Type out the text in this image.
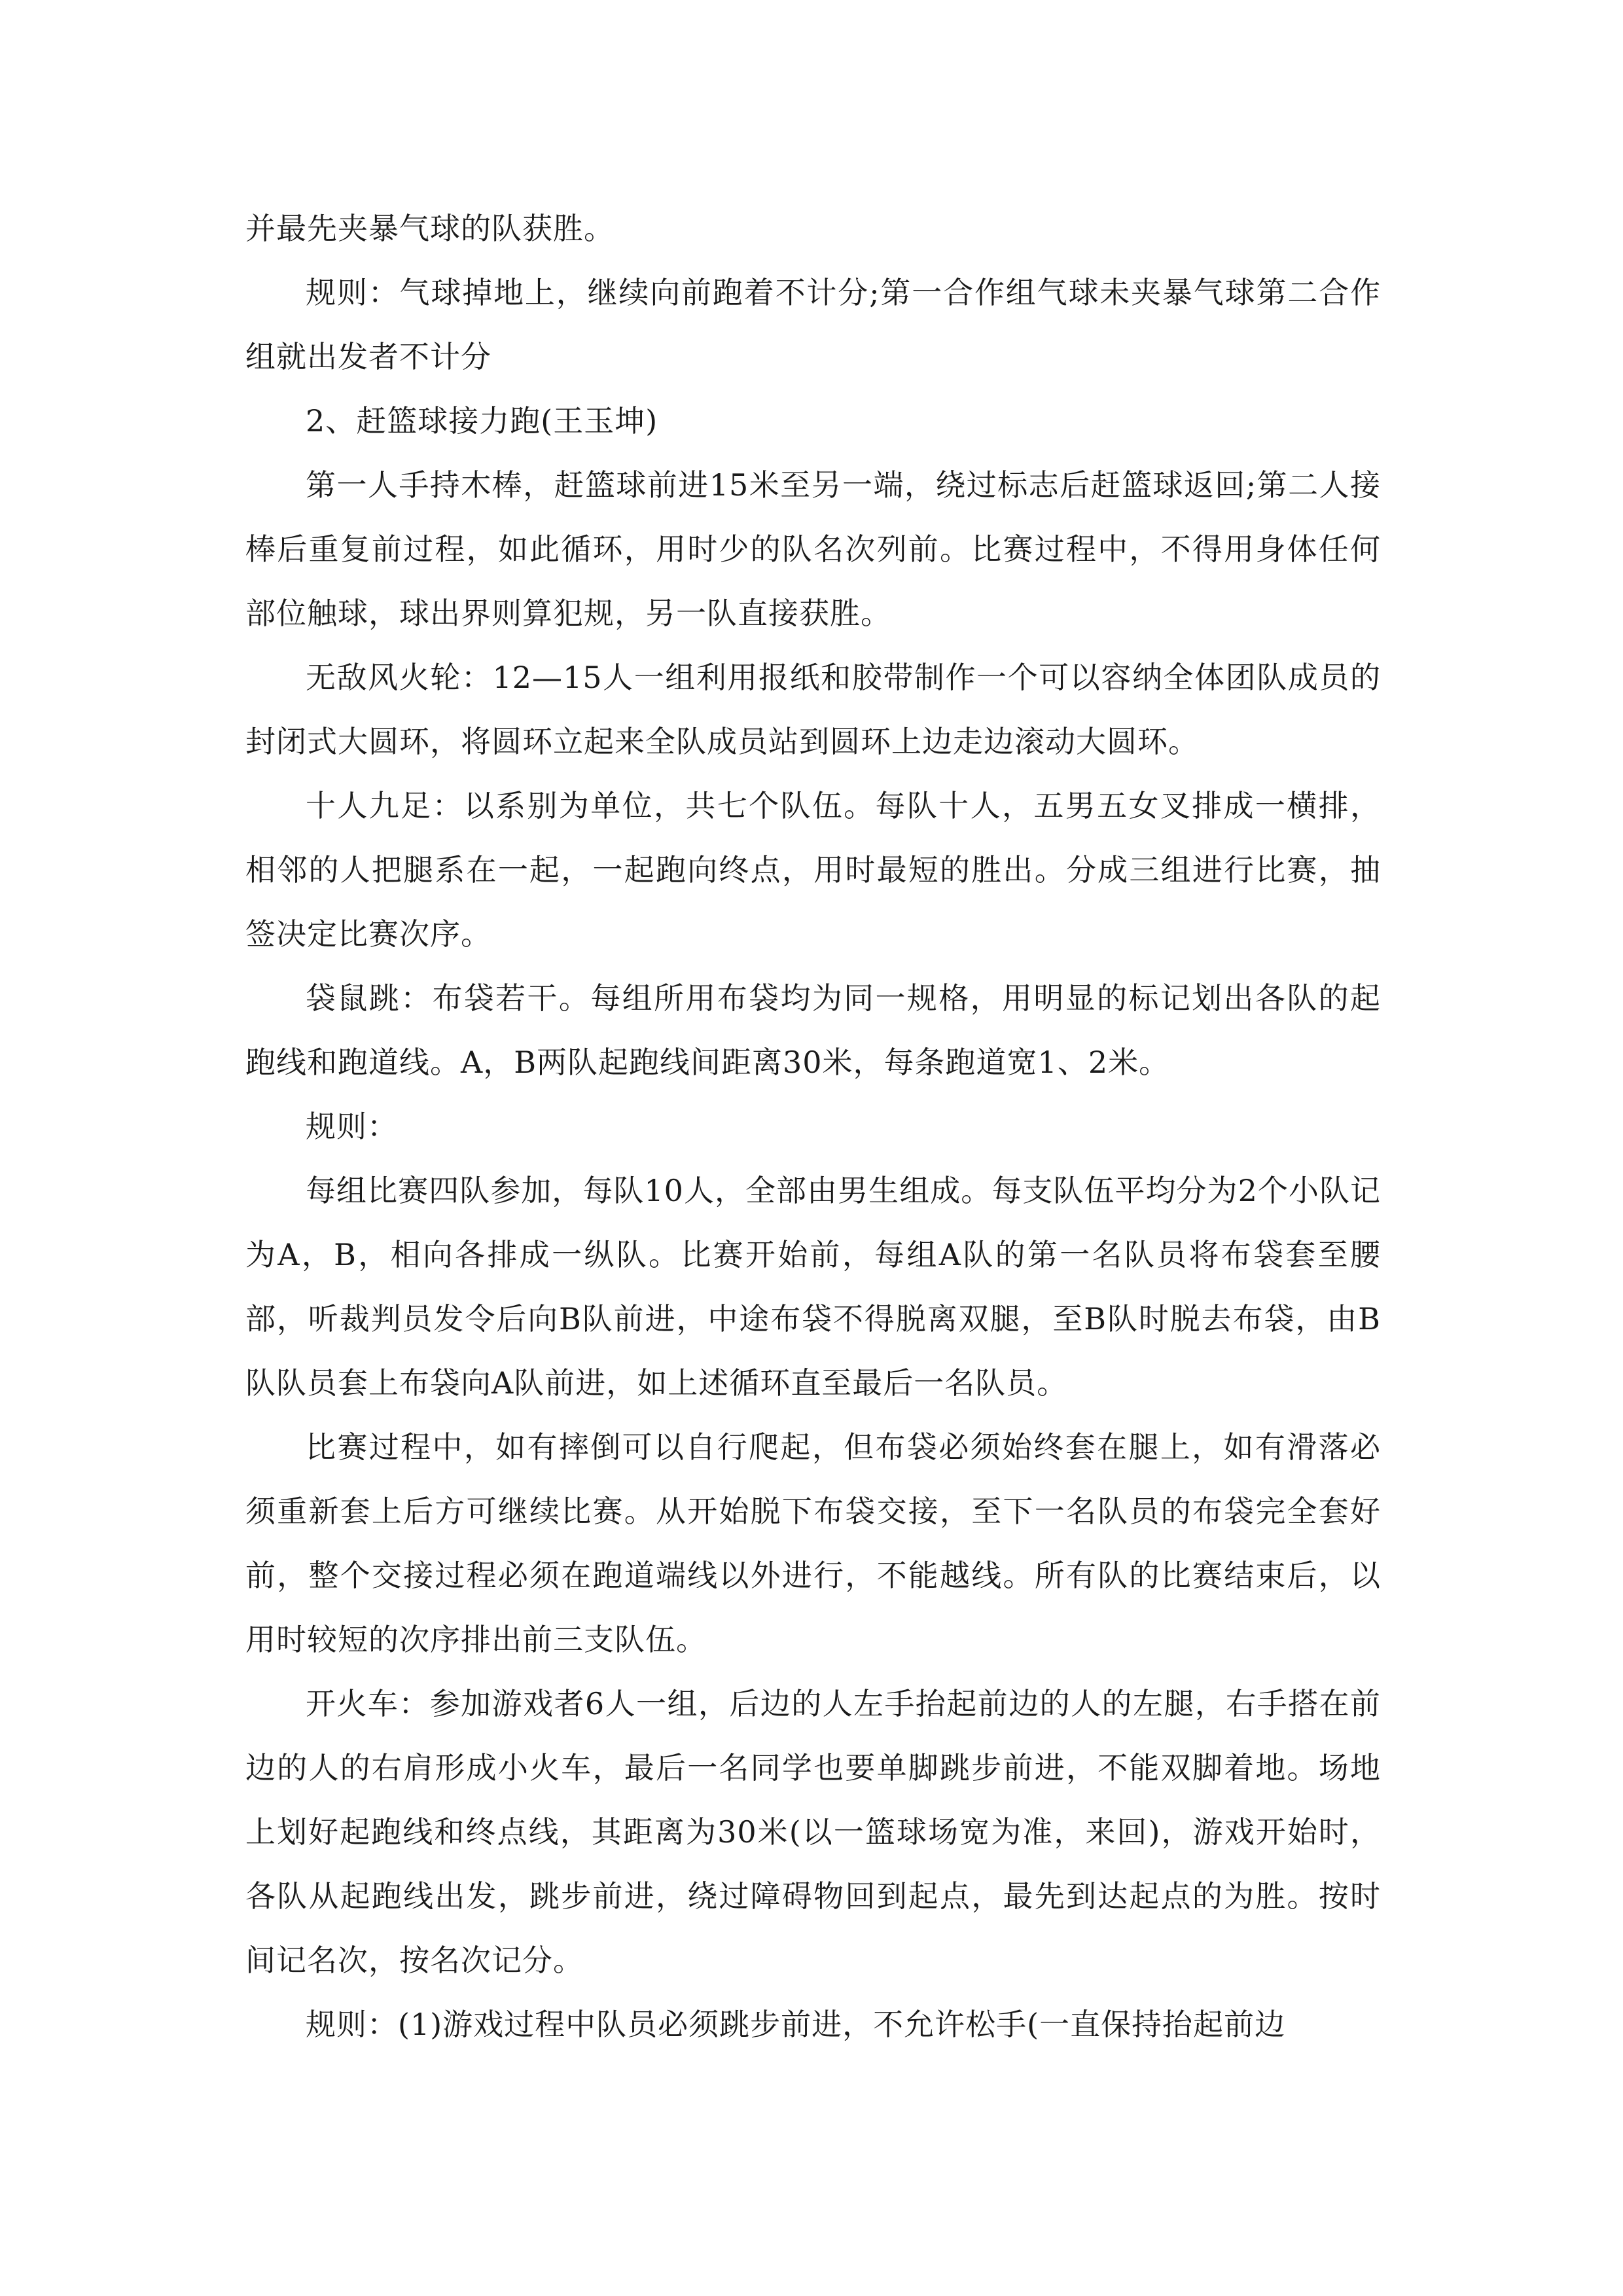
并最先夹暴气球的队获胜。

规则：气球掉地上，继续向前跑着不计分;第一合作组气球未夹暴气球第二合作组就出发者不计分

2、赶篮球接力跑(王玉坤)

第一人手持木棒，赶篮球前进15米至另一端，绕过标志后赶篮球返回;第二人接棒后重复前过程，如此循环，用时少的队名次列前。比赛过程中，不得用身体任何部位触球，球出界则算犯规，另一队直接获胜。

无敌风火轮：12—15人一组利用报纸和胶带制作一个可以容纳全体团队成员的封闭式大圆环，将圆环立起来全队成员站到圆环上边走边滚动大圆环。

十人九足：以系别为单位，共七个队伍。每队十人，五男五女叉排成一横排，相邻的人把腿系在一起，一起跑向终点，用时最短的胜出。分成三组进行比赛，抽签决定比赛次序。

袋鼠跳：布袋若干。每组所用布袋均为同一规格，用明显的标记划出各队的起跑线和跑道线。A，B两队起跑线间距离30米，每条跑道宽1、2米。

规则：

每组比赛四队参加，每队10人，全部由男生组成。每支队伍平均分为2个小队记为A，B，相向各排成一纵队。比赛开始前，每组A队的第一名队员将布袋套至腰部，听裁判员发令后向B队前进，中途布袋不得脱离双腿，至B队时脱去布袋，由B队队员套上布袋向A队前进，如上述循环直至最后一名队员。

比赛过程中，如有摔倒可以自行爬起，但布袋必须始终套在腿上，如有滑落必须重新套上后方可继续比赛。从开始脱下布袋交接，至下一名队员的布袋完全套好前，整个交接过程必须在跑道端线以外进行，不能越线。所有队的比赛结束后，以用时较短的次序排出前三支队伍。

开火车：参加游戏者6人一组，后边的人左手抬起前边的人的左腿，右手搭在前边的人的右肩形成小火车，最后一名同学也要单脚跳步前进，不能双脚着地。场地上划好起跑线和终点线，其距离为30米(以一篮球场宽为准，来回)，游戏开始时，各队从起跑线出发，跳步前进，绕过障碍物回到起点，最先到达起点的为胜。按时间记名次，按名次记分。

规则：(1)游戏过程中队员必须跳步前进，不允许松手(一直保持抬起前边
